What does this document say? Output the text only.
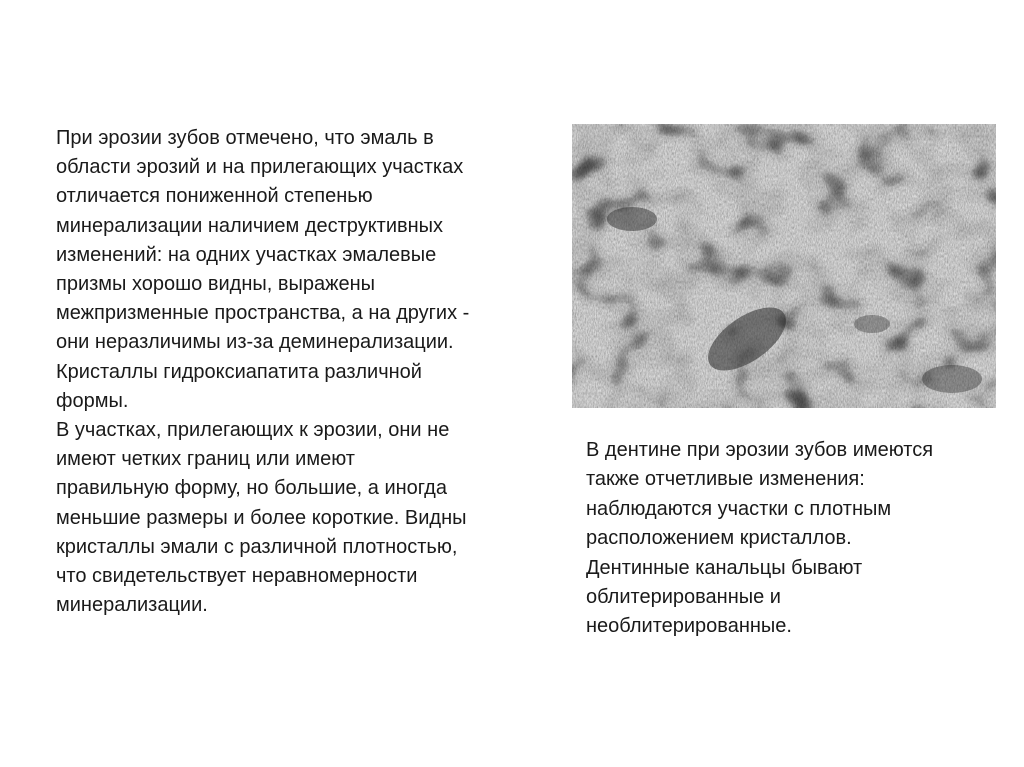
При эрозии зубов отмечено, что эмаль в
области эрозий и на прилегающих участках
отличается пониженной степенью
минерализации наличием деструктивных
изменений: на одних участках эмалевые
призмы хорошо видны, выражены
межпризменные пространства, а на других -
они неразличимы из-за деминерализации.
Кристаллы гидроксиапатита различной
формы.
В участках, прилегающих к эрозии, они не
имеют четких границ или имеют
правильную форму, но большие, а иногда
меньшие размеры и более короткие. Видны
кристаллы эмали с различной плотностью,
что свидетельствует неравномерности
минерализации.
В дентине при эрозии зубов имеются
также отчетливые изменения:
наблюдаются участки с плотным
расположением кристаллов.
Дентинные канальцы бывают
облитерированные и
необлитерированные.
